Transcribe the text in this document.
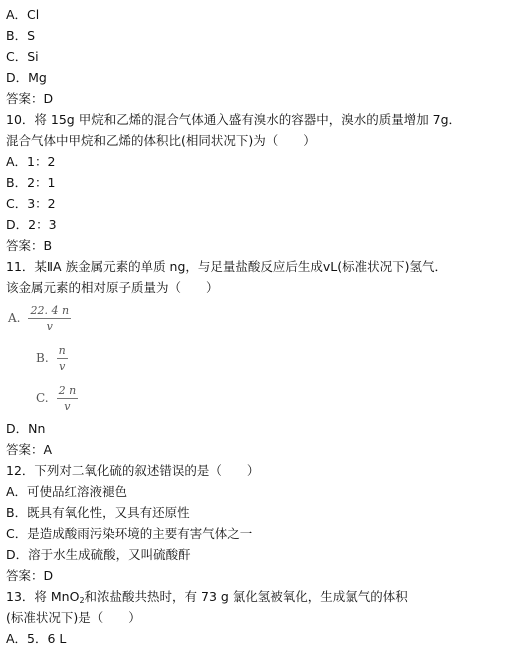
A．Cl
B．S
C．Si
D．Mg
答案：D
10．将 15g 甲烷和乙烯的混合气体通入盛有溴水的容器中，溴水的质量增加 7g．
混合气体中甲烷和乙烯的体积比(相同状况下)为（　　）
A．1：2
B．2：1
C．3：2
D．2：3
答案：B
11．某ⅡA 族金属元素的单质 ng，与足量盐酸反应后生成vL(标准状况下)氢气．
该金属元素的相对原子质量为（　　）
A. $\frac{22. 4 n}{v}$
B. $\frac{n}{v}$
C. $\frac{2 n}{v}$
D．Nn
答案：A
12．下列对二氧化硫的叙述错误的是（　　）
A．可使品红溶液褪色
B．既具有氧化性，又具有还原性
C．是造成酸雨污染环境的主要有害气体之一
D．溶于水生成硫酸，又叫硫酸酐
答案：D
13．将 MnO$_2$和浓盐酸共热时，有 73 g 氯化氢被氧化，生成氯气的体积
(标准状况下)是（　　）
A．5．6 L
